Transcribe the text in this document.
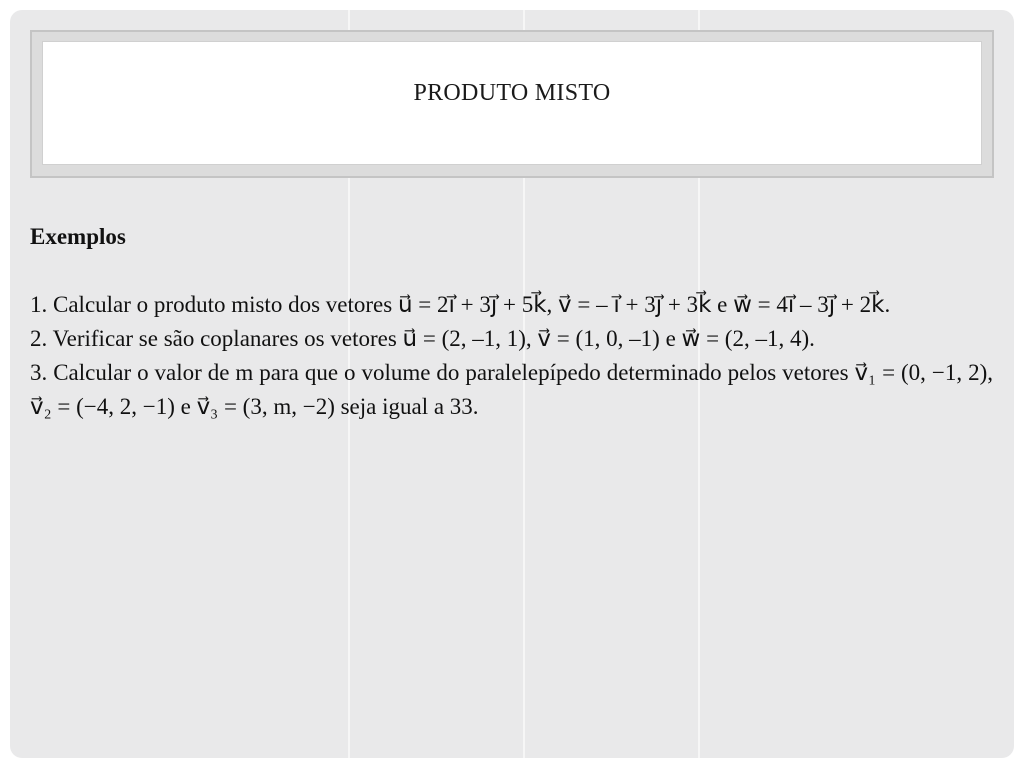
PRODUTO MISTO
Exemplos

1. Calcular o produto misto dos vetores u⃗ = 2i⃗ + 3j⃗ + 5k⃗, v⃗ = – i⃗ + 3j⃗ + 3k⃗ e w⃗ = 4i⃗ – 3j⃗ + 2k⃗.

2. Verificar se são coplanares os vetores u⃗ = (2, –1, 1), v⃗ = (1, 0, –1) e w⃗ = (2, –1, 4).

3. Calcular o valor de m para que o volume do paralelepípedo determinado pelos vetores v⃗₁ = (0, −1, 2), v⃗₂ = (−4, 2, −1) e v⃗₃ = (3, m, −2) seja igual a 33.
